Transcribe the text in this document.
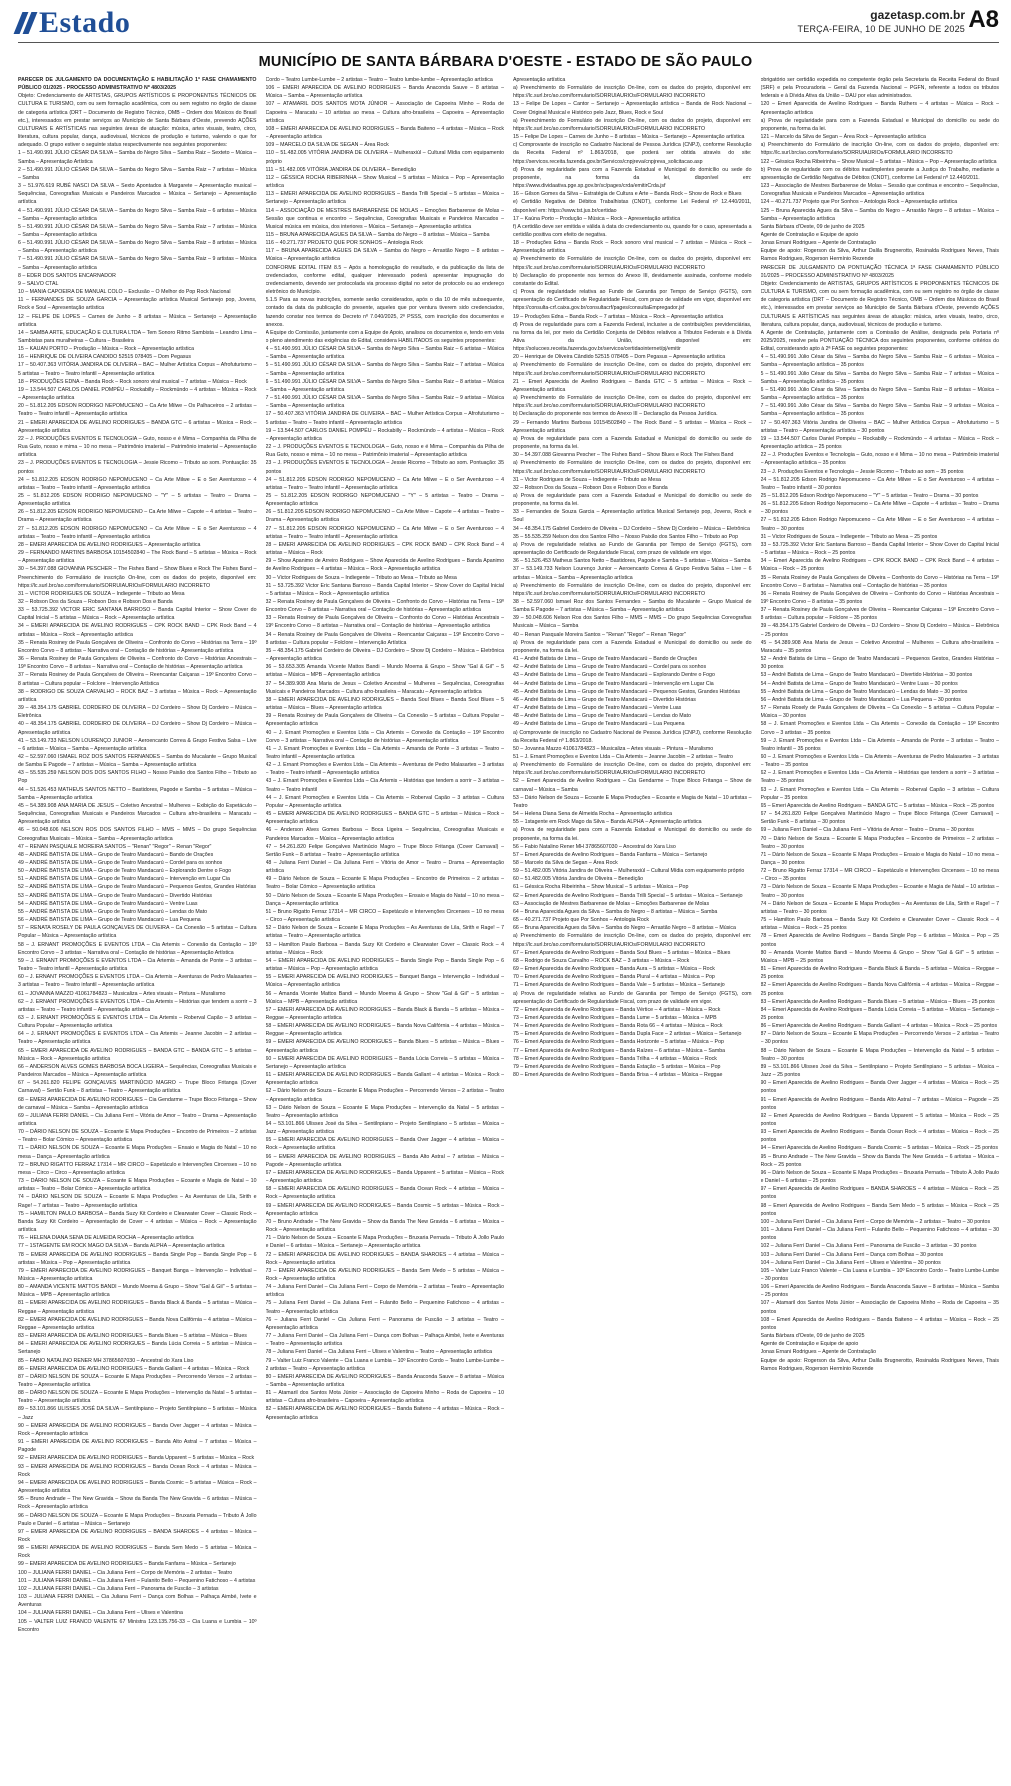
Estado	gazetasp.com.br
TERÇA-FEIRA, 10 DE JUNHO DE 2025 A8
MUNICÍPIO DE SANTA BÁRBARA D'OESTE - ESTADO DE SÃO PAULO

PARECER DE JULGAMENTO DA DOCUMENTAÇÃO E HABILITAÇÃO 1ª FASE CHAMAMENTO PÚBLICO 01/2025 - PROCESSO ADMINISTRATIVO Nº 4803/2025

Objeto: Credenciamento de ARTISTAS, GRUPOS ARTÍSTICOS E PROPONENTES TÉCNICOS DE CULTURA E TURISMO, com ou sem formação acadêmica, com ou sem registro no órgão de classe de categoria artística (DRT – Documento de Registro Técnico, OMB – Ordem dos Músicos do Brasil etc.), interessados em prestar serviços ao Município de Santa Bárbara d'Oeste, prevendo AÇÕES CULTURAIS E ARTÍSTICAS nas seguintes áreas de atuação: música, artes visuais, teatro, circo, literatura, cultura popular, dança, audiovisual, técnicos de produção e turismo, valendo o que for adequado. O grupo estiver o seguinte status respectivamente nos seguintes proponentes:

1 – 51.490.991 JÚLIO CÉSAR DA SILVA – Samba do Negro Silva – Samba Raiz – Sexteto – Música – Samba – Apresentação Artística

2 – 51.490.991 JÚLIO CÉSAR DA SILVA – Samba do Negro Silva – Samba Raiz – 7 artistas – Música – Samba

3 – 51.976.619 RUBÉ NASCI DA SILVA – Sexto Apontados à Margarete – Apresentação musical – Sequências, Coreografias Musicais e Pandeiros Marcados – Música – Sertanejo – Apresentação artística

4 – 51.490.991 JÚLIO CÉSAR DA SILVA – Samba do Negro Silva – Samba Raiz – 6 artistas – Música – Samba – Apresentação artística

5 – 51.490.991 JÚLIO CÉSAR DA SILVA – Samba do Negro Silva – Samba Raiz – 7 artistas – Música – Samba – Apresentação artística

6 – 51.490.991 JÚLIO CÉSAR DA SILVA – Samba do Negro Silva – Samba Raiz – 8 artistas – Música – Samba – Apresentação artística

7 – 51.490.991 JÚLIO CÉSAR DA SILVA – Samba do Negro Silva – Samba Raiz – 9 artistas – Música – Samba – Apresentação artística

8 – EDER DOS SANTOS ENCARNADOR

9 – SALVO CTAL

10 – MANIA CAPOEIRA DE MANUAL COLO – Exclusão – O Melhor do Pop Rock Nacional

11 – FERNANDES DE SOUZA GARCIA – Apresentação artística Musical Sertanejo pop, Jovens, Rock e Soul – Apresentação artística

12 – FELIPE DE LOPES – Carnes de Junho – 8 artistas – Música – Sertanejo – Apresentação artística

14 – SAMBA ARTE, EDUCAÇÃO E CULTURA LTDA – Tem Sonoro Ritmo Sambista – Leandro Lima – Sambistas para muralheiras – Cultura – Brasileira

15 – KAUAN PORTO – Produção – Música – Rock – Apresentação artística

16 – HENRIQUE DE OLIVEIRA CANDIDO 52515 078405 – Dom Pegasus

17 – 50.407.363 VITÓRIA JANDIRA DE OLIVEIRA – BAC – Mulher Artística Corpus – Afrofuturismo – 5 artistas – Teatro – Teatro infantil – Apresentação artística

18 – PRODUÇÕES EDNA – Banda Rock – Rock sonoro viral musical – 7 artistas – Música – Rock

19 – 13.544.507 CARLOS DANIEL POMPÉU – Rockabilly – Rockmündo – 4 artistas – Música – Rock – Apresentação artística

20 – 51.812.205 EDSON RODRIGO NEPOMUCENO – Ca Arte Milwe – Os Palhaceiros – 2 artistas – Teatro – Teatro infantil – Apresentação artística

21 – EMERI APARECIDA DE AVELINO RODRIGUES – BANDA GTC – 6 artistas – Música – Rock – Apresentação artística

22 – J. PRODUÇÕES EVENTOS E TECNOLOGIA – Guto, nosso e é Mima – Companhia da Pilha de Rua Guto, nosso e mima – 10 no mesa – Patrimônio imaterial – Patrimônio imaterial – Apresentação artística

23 – J. PRODUÇÕES EVENTOS E TECNOLOGIA – Jessie Ricomo – Tributo ao som. Pontuação: 35 pontos

24 – 51.812.205 EDSON RODRIGO NEPOMUCENO – Ca Arte Milwe – E o Ser Aventuroso – 4 artistas – Teatro – Teatro infantil – Apresentação artística

25 – 51.812.205 EDSON RODRIGO NEPOMUCENO – "Y" – 5 artistas – Teatro – Drama – Apresentação artística

26 – 51.812.205 EDSON RODRIGO NEPOMUCENO – Ca Arte Milwe – Capote – 4 artistas – Teatro – Drama – Apresentação artística

27 – 51.812.205 EDSON RODRIGO NEPOMUCENO – Ca Arte Milwe – E o Ser Aventuroso – 4 artistas – Teatro – Teatro infantil – Apresentação artística

28 – EMERI APARECIDA DE AVELINO RODRIGUES – Apresentação artística

29 – FERNANDO MARTINS BARBOSA 10154502840 – The Rock Band – 5 artistas – Música – Rock – Apresentação artística

30 – 54.397.088 GIOVANNA PESCHER – The Fishes Band – Show Blues e Rock The Fishes Band – Preenchimento do Formulário de inscrição On-line, com os dados do projeto, disponível em: https://lc.surl.brc/ao.com/formulario/SORRUIAURIOs/FORMULARIO INCORRETO

31 – VICTOR RODRIGUES DE SOUZA – Indiegente – Tributo ao Mesa

32 – Robson Dos da Souza – Robson Dos e Robson Dos e Banda

33 – 53.725.392 VICTOR ERIC SANTANA BARROSO – Banda Capital Interior – Show Cover do Capital Inicial – 5 artistas – Música – Rock – Apresentação artística

34 – EMERI APARECIDA DE AVELINO RODRIGUES – CPK ROCK BAND – CPK Rock Band – 4 artistas – Música – Rock – Apresentação artística

35 – Renata Rosiney de Paula Gonçalves de Oliveira – Confronto do Corvo – Histórias na Terra – 19º Encontro Corvo – 8 artistas – Narrativa oral – Contação de histórias – Apresentação artística

36 – Renata Rosiney de Paula Gonçalves de Oliveira – Confronto do Corvo – Histórias Ancestrais – 19º Encontro Corvo – 8 artistas – Narrativa oral – Contação de histórias – Apresentação artística

37 – Renata Rosiney de Paula Gonçalves de Oliveira – Reencantar Caiçaras – 19º Encontro Corvo – 8 artistas – Cultura popular – Folclore – Intervenção Artística

38 – RODRIGO DE SOUZA CARVALHO – ROCK BAZ – 3 artistas – Música – Rock – Apresentação artística

39 – 48.354.175 GABRIEL CORDEIRO DE OLIVEIRA – DJ Cordeiro – Show Dj Cordeiro – Música – Eletrônica

40 – 48.354.175 GABRIEL CORDEIRO DE OLIVEIRA – DJ Cordeiro – Show Dj Cordeiro – Música – Apresentação artística

41 – 53.149.733 NELSON LOURENÇO JUNIOR – Aeroencanto Correa & Grupo Festiva Salsa – Live – 6 artistas – Música – Samba – Apresentação artística

42 – 52.597.060 ISMAEL ROZ DOS SANTOS FERNANDES – Samba do Mucalante – Grupo Musical de Samba E Pagode – 7 artistas – Música – Samba – Apresentação artística

43 – 55.535.259 NELSON DOS DOS SANTOS FILHO – Nosso Paixão dos Santos Filho – Tributo ao Pop

44 – 51.526.453 MATHEUS SANTOS NETTO – Bastidores, Pagode e Samba – 5 artistas – Música – Samba – Apresentação artística

45 – 54.389.908 ANA MARIA DE JESUS – Coletivo Ancestral – Mulheres – Exibição do Espetáculo – Sequências, Coreografias Musicais e Pandeiros Marcados – Cultura afro-brasileira – Maracatu – Apresentação artística

46 – 50.048.606 NELSON ROS DOS SANTOS FILHO – MMS – MMS – Do grupo Sequências Coreografias Musicais – Música – Samba – Apresentação artística

47 – RENAN PASQUALE MOREIRA SANTOS – "Renan" "Regor" – Renan "Regor"

48 – ANDRÉ BATISTA DE LIMA – Grupo de Teatro Mandacarú – Bando de Orações

49 – ANDRÉ BATISTA DE LIMA – Grupo de Teatro Mandacarú – Cordel para os sonhos

50 – ANDRÉ BATISTA DE LIMA – Grupo de Teatro Mandacarú – Explorando Dentre o Fogo

51 – ANDRÉ BATISTA DE LIMA – Grupo de Teatro Mandacarú – Intervenção em Lugar Cia

52 – ANDRÉ BATISTA DE LIMA – Grupo de Teatro Mandacarú – Pequenos Gestos, Grandes Histórias

53 – ANDRÉ BATISTA DE LIMA – Grupo de Teatro Mandacarú – Divertido Histórias

54 – ANDRÉ BATISTA DE LIMA – Grupo de Teatro Mandacarú – Ventre Luas

55 – ANDRÉ BATISTA DE LIMA – Grupo de Teatro Mandacarú – Lendas do Mato

56 – ANDRÉ BATISTA DE LIMA – Grupo de Teatro Mandacarú – Lua Pequena

57 – RENATA ROSELY DE PAULA GONÇALVES DE OLIVEIRA – Ca Conexão – 5 artistas – Cultura Popular – Música – Apresentação artística

58 – J. ERNANT PROMOÇÕES E EVENTOS LTDA – Cia Artemis – Conexão da Contação – 19º Encontro Corvo – 3 artistas – Narrativa oral – Contação de histórias – Apresentação Artística

59 – J. ERNANT PROMOÇÕES E EVENTOS LTDA – Cia Artemis – Amanda de Ponte – 3 artistas – Teatro – Teatro infantil – Apresentação artística

60 – J. ERNANT PROMOÇÕES E EVENTOS LTDA – Cia Artemis – Aventuras de Pedro Malasartes – 3 artistas – Teatro – Teatro infantil – Apresentação artística

61 – JOVANNA MAZZO 41061784823 – Musicaliza – Artes visuais – Pintura – Muralismo

62 – J. ERNANT PROMOÇÕES E EVENTOS LTDA – Cia Artemis – Histórias que tendem a sorrir – 3 artistas – Teatro – Teatro infantil – Apresentação artística

63 – J. ERNANT PROMOÇÕES E EVENTOS LTDA – Cia Artemis – Roberval Capão – 3 artistas – Cultura Popular – Apresentação artística

64 – J. ERNANT PROMOÇÕES E EVENTOS LTDA – Cia Artemis – Jeanne Jacobin – 2 artistas – Teatro – Apresentação artística

65 – EMERI APARECIDA DE AVELINO RODRIGUES – BANDA GTC – BANDA GTC – 5 artistas – Música – Rock – Apresentação artística

66 – ANDERSON ALVES GOMES BARBOSA BOCA LIGEIRA – Sequências, Coreografias Musicais e Pandeiros Marcados – Música – Apresentação artística

67 – 54.261.820 FELIPE GONÇALVES MARTINÚCIO MAGRO – Trupe Bloco Fritanga (Cover Carnaval) – Sertão Funk – 8 artistas – Teatro – Apresentação artística

68 – EMERI APARECIDA DE AVELINO RODRIGUES – Cia Gendarme – Trupe Bloco Fritanga – Show de carnaval – Música – Samba – Apresentação artística

69 – JULIANA FERRI DANIEL – Cia Juliana Ferri – Vitória de Amor – Teatro – Drama – Apresentação artística

70 – DÁRIO NELSON DE SOUZA – Ecoante E Mapa Produções – Encontro de Primeiros – 2 artistas – Teatro – Bolar Cómico – Apresentação artística

71 – DÁRIO NELSON DE SOUZA – Ecoante E Mapa Produções – Ensaio e Magia do Natal – 10 no mesa – Dança – Apresentação artística

72 – BRUNO RIGATTO FERRAZ 17314 – MR CIRCO – Espetáculo e Intervenções Circenses – 10 no mesa – Circo – Circo – Apresentação artística

73 – DÁRIO NELSON DE SOUZA – Ecoante E Mapa Produções – Ecoante e Magia de Natal – 10 artistas – Teatro – Bolar Cómico – Apresentação artística

74 – DÁRIO NELSON DE SOUZA – Ecoante E Mapa Produções – As Aventuras de Lila, Sirith e Rage! – 7 artistas – Teatro – Apresentação artística

75 – HAMILTON PAULO BARBOSA – Banda Suzy Kit Cordeiro e Clearwater Cover – Classic Rock – Banda Suzy Kit Cordeiro – Apresentação de Cover – 4 artistas – Música – Rock – Apresentação artística

76 – HELENA DIANA SENA DE ALMEIDA ROCHA – Apresentação artística

77 – 1STAGENTE EM ROCK MAGO DA SILVA – Banda ALPHA – Apresentação artística

78 – EMERI APARECIDA DE AVELINO RODRIGUES – Banda Single Pop – Banda Single Pop – 6 artistas – Música – Pop – Apresentação artística

79 – EMERI APARECIDA DE AVELINO RODRIGUES – Banquet Banga – Intervenção – Individual – Música – Apresentação artística

80 – AMANDA VICENTE MATTOS BANDI – Mundo Moema & Grupo – Show "Gal & Gil" – 5 artistas – Música – MPB – Apresentação artística

81 – EMERI APARECIDA DE AVELINO RODRIGUES – Banda Black & Banda – 5 artistas – Música – Reggae – Apresentação artística

82 – EMERI APARECIDA DE AVELINO RODRIGUES – Banda Nova Califórnia – 4 artistas – Música – Reggae – Apresentação artística

83 – EMERI APARECIDA DE AVELINO RODRIGUES – Banda Blues – 5 artistas – Música – Blues

84 – EMERI APARECIDA DE AVELINO RODRIGUES – Banda Lúcia Correia – 5 artistas – Música – Sertanejo

85 – FABIO NATALINO RENER MH 37865607030 – Ancestral do Xara Liso

86 – EMERI APARECIDA DE AVELINO RODRIGUES – Banda Gallant – 4 artistas – Música – Rock

87 – DÁRIO NELSON DE SOUZA – Ecoante E Mapa Produções – Percorrendo Versos – 2 artistas – Teatro – Apresentação artística

88 – DÁRIO NELSON DE SOUZA – Ecoante E Mapa Produções – Intervenção da Natal – 5 artistas – Teatro – Apresentação artística

89 – 53.101.866 ULISSES JOSÉ DA SILVA – Sentilnpiano – Projeto Sentilnpiano – 5 artistas – Música – Jazz

90 – EMERI APARECIDA DE AVELINO RODRIGUES – Banda Over Jagger – 4 artistas – Música – Rock – Apresentação artística

91 – EMERI APARECIDA DE AVELINO RODRIGUES – Banda Alto Astral – 7 artistas – Música – Pagode

92 – EMERI APARECIDA DE AVELINO RODRIGUES – Banda Upparent – 5 artistas – Música – Rock

93 – EMERI APARECIDA DE AVELINO RODRIGUES – Banda Ocean Rock – 4 artistas – Música – Rock

94 – EMERI APARECIDA DE AVELINO RODRIGUES – Banda Cosmic – 5 artistas – Música – Rock – Apresentação artística

95 – Bruno Andrade – The New Gravida – Show da Banda The New Gravida – 6 artistas – Música – Rock – Apresentação artística

96 – DÁRIO NELSON DE SOUZA – Ecoante E Mapa Produções – Bruxaria Pernada – Tributo À Jollo Paulo e Daniel – 6 artistas – Música – Sertanejo

97 – EMERI APARECIDA DE AVELINO RODRIGUES – BANDA SHAROES – 4 artistas – Música – Rock

98 – EMERI APARECIDA DE AVELINO RODRIGUES – Banda Sem Medo – 5 artistas – Música – Rock

99 – EMERI APARECIDA DE AVELINO RODRIGUES – Banda Fanfarra – Música – Sertanejo

100 – JULIANA FERRI DANIEL – Cia Juliana Ferri – Corpo de Memória – 2 artistas – Teatro

101 – JULIANA FERRI DANIEL – Cia Juliana Ferri – Fulanito Bello – Pequenino Fatichoso – 4 artistas

102 – JULIANA FERRI DANIEL – Cia Juliana Ferri – Panorama de Fuscão – 3 artistas

103 – JULIANA FERRI DANIEL – Cia Juliana Ferri – Dança com Bolhas – Palhaça Aimbé, Ivete e Aventuras

104 – JULIANA FERRI DANIEL – Cia Juliana Ferri – Ulises e Valentina

105 – VALTER LUIZ FRANCO VALENTE 67 Ministra 123.135.756-33 – Cia Luana e Lumbia – 10º Encontro

Cordo – Teatro Lumbe-Lumbe – 2 artistas – Teatro – Teatro lumbe-lumbe – Apresentação artística

106 – EMERI APARECIDA DE AVELINO RODRIGUES – Banda Anaconda Sauve – 8 artistas – Música – Samba – Apresentação artística

107 – ATAMARIL DOS SANTOS MOTA JÚNIOR – Associação de Capoeira Minho – Roda de Capoeira – Maracatu – 10 artistas ao mesa – Cultura afro-brasileira – Capoeira – Apresentação artística

108 – EMERI APARECIDA DE AVELINO RODRIGUES – Banda Baiteno – 4 artistas – Música – Rock – Apresentação artística

109 – MARCELO DA SILVA DE SEGAN – Área Rock

110 – 51.482.005 VITÓRIA JANDIRA DE OLIVEIRA – Mulheraxiúl – Cultural Mídia com equipamento próprio

111 – 51.482.005 VITÓRIA JANDIRA DE OLIVEIRA – Benedição

112 – GÉSSICA ROCHA RIBEIRINHA – Show Musical – 5 artistas – Música – Pop – Apresentação artística

113 – EMERI APARECIDA DE AVELINO RODRIGUES – Banda Trilli Special – 5 artistas – Música – Sertanejo – Apresentação artística

114 – ASSOCIAÇÃO DE MESTRES BARBARENSE DE MOLAS – Emoções Barbarense de Molas – Sessão que continua e encontro – Sequências, Coreografias Musicais e Pandeiros Marcados – Musical música em música, dos interiores – Música – Sertanejo – Apresentação artística

115 – BRUNA APARECIDA AGUES DA SILVA – Samba do Negro – 8 artistas – Música – Samba

116 – 40.271.737 PROJETO QUE POR SONHOS – Antologia Rock

117 – BRUNA APARECIDA AGUES DA SILVA – Samba do Negro – Arrastão Negro – 8 artistas – Música – Apresentação artística

CONFORME EDITAL ITEM 8.5 – Após a homologação do resultado, e da publicação da lista de credenciados, conforme edital, qualquer interessado poderá apresentar impugnação do credenciamento, devendo ser protocolada via processo digital no setor de protocolo ou ao endereço eletrônico do Município.

5.1.5 Para as novas inscrições, somente serão considerados, após o dia 10 de mês subsequente, contado da data da publicação do presente, aqueles que por ventura tiverem sido credenciados, fazendo constar nos termos do Decreto nº 7.040/2025, 2º PSSS, com inscrição dos documentos e anexos.

A Equipe do Comissão, juntamente com a Equipe de Apoio, analisou os documentos e, tendo em vista o pleno atendimento das exigências do Edital, considera HABILITADOS os seguintes proponentes:

4 – 51.490.991 JÚLIO CÉSAR DA SILVA – Samba do Negro Silva – Samba Raiz – 6 artistas – Música – Samba – Apresentação artística

5 – 51.490.991 JÚLIO CÉSAR DA SILVA – Samba do Negro Silva – Samba Raiz – 7 artistas – Música – Samba – Apresentação artística

6 – 51.490.991 JÚLIO CÉSAR DA SILVA – Samba do Negro Silva – Samba Raiz – 8 artistas – Música – Samba – Apresentação artística

7 – 51.490.991 JÚLIO CÉSAR DA SILVA – Samba do Negro Silva – Samba Raiz – 9 artistas – Música – Samba – Apresentação artística

17 – 50.407.363 VITÓRIA JANDIRA DE OLIVEIRA – BAC – Mulher Artística Corpus – Afrofuturismo – 5 artistas – Teatro – Teatro infantil – Apresentação artística

19 – 13.544.507 CARLOS DANIEL POMPÉU – Rockabilly – Rockmündo – 4 artistas – Música – Rock – Apresentação artística

22 – J. PRODUÇÕES EVENTOS E TECNOLOGIA – Guto, nosso e é Mima – Companhia da Pilha de Rua Guto, nosso e mima – 10 no mesa – Patrimônio imaterial – Apresentação artística

23 – J. PRODUÇÕES EVENTOS E TECNOLOGIA – Jessie Ricomo – Tributo ao som. Pontuação: 35 pontos

24 – 51.812.205 EDSON RODRIGO NEPOMUCENO – Ca Arte Milwe – E o Ser Aventuroso – 4 artistas – Teatro – Teatro infantil – Apresentação artística

25 – 51.812.205 EDSON RODRIGO NEPOMUCENO – "Y" – 5 artistas – Teatro – Drama – Apresentação artística

26 – 51.812.205 EDSON RODRIGO NEPOMUCENO – Ca Arte Milwe – Capote – 4 artistas – Teatro – Drama – Apresentação artística

27 – 51.812.205 EDSON RODRIGO NEPOMUCENO – Ca Arte Milwe – E o Ser Aventuroso – 4 artistas – Teatro – Teatro infantil – Apresentação artística

28 – EMERI APARECIDA DE AVELINO RODRIGUES – CPK ROCK BAND – CPK Rock Band – 4 artistas – Música – Rock

29 – Show Apanimo de Arreiro Rodrigues – Show Aparecida de Avelino Rodrigues – Banda Apanimo de Avelino Rodrigues – 4 artistas – Música – Rock – Apresentação artística

30 – Victor Rodrigues de Souza – Indiegente – Tributo ao Mesa – Tributo ao Mesa

31 – 53.725.392 Victor Eric Santana Barroso – Banda Capital Interior – Show Cover do Capital Inicial – 5 artistas – Música – Rock – Apresentação artística

32 – Renata Rosiney de Paula Gonçalves de Oliveira – Confronto do Corvo – Histórias na Terra – 19º Encontro Corvo – 8 artistas – Narrativa oral – Contação de histórias – Apresentação artística

33 – Renata Rosiney de Paula Gonçalves de Oliveira – Confronto do Corvo – Histórias Ancestrais – 19º Encontro Corvo – 8 artistas – Narrativa oral – Contação de histórias – Apresentação artística

34 – Renata Rosiney de Paula Gonçalves de Oliveira – Reencantar Caiçaras – 19º Encontro Corvo – 8 artistas – Cultura popular – Folclore – Intervenção Artística

35 – 48.354.175 Gabriel Cordeiro de Oliveira – DJ Cordeiro – Show Dj Cordeiro – Música – Eletrônica – Apresentação artística

36 – 53.653.305 Amanda Vicente Mattos Bandi – Mundo Moema & Grupo – Show "Gal & Gil" – 5 artistas – Música – MPB – Apresentação artística

37 – 54.389.908 Ana Maria de Jesus – Coletivo Ancestral – Mulheres – Sequências, Coreografias Musicais e Pandeiros Marcados – Cultura afro-brasileira – Maracatu – Apresentação artística

38 – EMERI APARECIDA DE AVELINO RODRIGUES – Banda Soul Blues – Banda Soul Blues – 5 artistas – Música – Blues – Apresentação artística

39 – Renata Rosiney de Paula Gonçalves de Oliveira – Ca Conexão – 5 artistas – Cultura Popular – Apresentação artística

40 – J. Ernant Promoções e Eventos Ltda – Cia Artemis – Conexão da Contação – 19º Encontro Corvo – 3 artistas – Narrativa oral – Contação de histórias – Apresentação artística

41 – J. Ernant Promoções e Eventos Ltda – Cia Artemis – Amanda de Ponte – 3 artistas – Teatro – Teatro infantil – Apresentação artística

42 – J. Ernant Promoções e Eventos Ltda – Cia Artemis – Aventuras de Pedro Malasartes – 3 artistas – Teatro – Teatro infantil – Apresentação artística

43 – J. Ernant Promoções e Eventos Ltda – Cia Artemis – Histórias que tendem a sorrir – 3 artistas – Teatro – Teatro infantil

44 – J. Ernant Promoções e Eventos Ltda – Cia Artemis – Roberval Capão – 3 artistas – Cultura Popular – Apresentação artística

45 – EMERI APARECIDA DE AVELINO RODRIGUES – BANDA GTC – 5 artistas – Música – Rock – Apresentação artística

46 – Anderson Alves Gomes Barbosa – Boca Ligeira – Sequências, Coreografias Musicais e Pandeiros Marcados – Música – Apresentação artística

47 – 54.261.820 Felipe Gonçalves Martinúcio Magro – Trupe Bloco Fritanga (Cover Carnaval) – Sertão Funk – 8 artistas – Teatro – Apresentação artística

48 – Juliana Ferri Daniel – Cia Juliana Ferri – Vitória de Amor – Teatro – Drama – Apresentação artística

49 – Dário Nelson de Souza – Ecoante E Mapa Produções – Encontro de Primeiros – 2 artistas – Teatro – Bolar Cómico – Apresentação artística

50 – Dário Nelson de Souza – Ecoante E Mapa Produções – Ensaio e Magia do Natal – 10 no mesa – Dança – Apresentação artística

51 – Bruno Rigatto Ferraz 17314 – MR CIRCO – Espetáculo e Intervenções Circenses – 10 no mesa – Circo – Apresentação artística

52 – Dário Nelson de Souza – Ecoante E Mapa Produções – As Aventuras de Lila, Sirith e Rage! – 7 artistas – Teatro – Apresentação artística

53 – Hamilton Paulo Barbosa – Banda Suzy Kit Cordeiro e Clearwater Cover – Classic Rock – 4 artistas – Música – Rock

54 – EMERI APARECIDA DE AVELINO RODRIGUES – Banda Single Pop – Banda Single Pop – 6 artistas – Música – Pop – Apresentação artística

55 – EMERI APARECIDA DE AVELINO RODRIGUES – Banquet Banga – Intervenção – Individual – Música – Apresentação artística

56 – Amanda Vicente Mattos Bandi – Mundo Moema & Grupo – Show "Gal & Gil" – 5 artistas – Música – MPB – Apresentação artística

57 – EMERI APARECIDA DE AVELINO RODRIGUES – Banda Black & Banda – 5 artistas – Música – Reggae – Apresentação artística

58 – EMERI APARECIDA DE AVELINO RODRIGUES – Banda Nova Califórnia – 4 artistas – Música – Reggae – Apresentação artística

59 – EMERI APARECIDA DE AVELINO RODRIGUES – Banda Blues – 5 artistas – Música – Blues – Apresentação artística

60 – EMERI APARECIDA DE AVELINO RODRIGUES – Banda Lúcia Correia – 5 artistas – Música – Sertanejo – Apresentação artística

61 – EMERI APARECIDA DE AVELINO RODRIGUES – Banda Gallant – 4 artistas – Música – Rock – Apresentação artística

62 – Dário Nelson de Souza – Ecoante E Mapa Produções – Percorrendo Versos – 2 artistas – Teatro – Apresentação artística

63 – Dário Nelson de Souza – Ecoante E Mapa Produções – Intervenção da Natal – 5 artistas – Teatro – Apresentação artística

64 – 53.101.866 Ulisses José da Silva – Sentilnpiano – Projeto Sentilnpiano – 5 artistas – Música – Jazz – Apresentação artística

65 – EMERI APARECIDA DE AVELINO RODRIGUES – Banda Over Jagger – 4 artistas – Música – Rock – Apresentação artística

66 – EMERI APARECIDA DE AVELINO RODRIGUES – Banda Alto Astral – 7 artistas – Música – Pagode – Apresentação artística

67 – EMERI APARECIDA DE AVELINO RODRIGUES – Banda Upparent – 5 artistas – Música – Rock – Apresentação artística

68 – EMERI APARECIDA DE AVELINO RODRIGUES – Banda Ocean Rock – 4 artistas – Música – Rock – Apresentação artística

69 – EMERI APARECIDA DE AVELINO RODRIGUES – Banda Cosmic – 5 artistas – Música – Rock – Apresentação artística

70 – Bruno Andrade – The New Gravida – Show da Banda The New Gravida – 6 artistas – Música – Rock – Apresentação artística

71 – Dário Nelson de Souza – Ecoante E Mapa Produções – Bruxaria Pernada – Tributo À Jollo Paulo e Daniel – 6 artistas – Música – Sertanejo – Apresentação artística

72 – EMERI APARECIDA DE AVELINO RODRIGUES – BANDA SHAROES – 4 artistas – Música – Rock – Apresentação artística

73 – EMERI APARECIDA DE AVELINO RODRIGUES – Banda Sem Medo – 5 artistas – Música – Rock – Apresentação artística

74 – Juliana Ferri Daniel – Cia Juliana Ferri – Corpo de Memória – 2 artistas – Teatro – Apresentação artística

75 – Juliana Ferri Daniel – Cia Juliana Ferri – Fulanito Bello – Pequenino Fatichoso – 4 artistas – Teatro – Apresentação artística

76 – Juliana Ferri Daniel – Cia Juliana Ferri – Panorama de Fuscão – 3 artistas – Teatro – Apresentação artística

77 – Juliana Ferri Daniel – Cia Juliana Ferri – Dança com Bolhas – Palhaça Aimbé, Ivete e Aventuras – Teatro – Apresentação artística

78 – Juliana Ferri Daniel – Cia Juliana Ferri – Ulises e Valentina – Teatro – Apresentação artística

79 – Valter Luiz Franco Valente – Cia Luana e Lumbia – 10º Encontro Cordo – Teatro Lumbe-Lumbe – 2 artistas – Teatro – Apresentação artística

80 – EMERI APARECIDA DE AVELINO RODRIGUES – Banda Anaconda Sauve – 8 artistas – Música – Samba – Apresentação artística

81 – Atamaril dos Santos Mota Júnior – Associação de Capoeira Minho – Roda de Capoeira – 10 artistas – Cultura afro-brasileira – Capoeira – Apresentação artística

82 – EMERI APARECIDA DE AVELINO RODRIGUES – Banda Baiteno – 4 artistas – Música – Rock – Apresentação artística

Apresentação artística

a) Preenchimento do Formulário de inscrição On-line, com os dados do projeto, disponível em: https://lc.surl.brc/ao.com/formulario/SORRUIAURIOs/FORMULARIO INCORRETO

13 – Felipe De Lopes – Cantor – Sertanejo – Apresentação artística – Banda de Rock Nacional – Cover Original Musical e Histórico pelo Jazz, Blues, Rock e Soul

a) Preenchimento do Formulário de inscrição On-line, com os dados do projeto, disponível em: https://lc.surl.brc/ao.com/formulario/SORRUIAURIOs/FORMULARIO INCORRETO

15 – Felipe De Lopes – Carnes de Junho – 8 artistas – Música – Sertanejo – Apresentação artística

c) Comprovante de inscrição no Cadastro Nacional de Pessoa Jurídica (CNPJ), conforme Resolução da Receita Federal nº 1.863/2018, que poderá ser obtida através do site: https://servicos.receita.fazenda.gov.br/Servicos/cnpjreva/cnpjreva_solicitacao.asp

d) Prova de regularidade para com a Fazenda Estadual e Municipal do domicílio ou sede do proponente, na forma da lei, disponível em: https://www.dividaativa.pge.sp.gov.br/sc/pages/crda/emitirCrda.jsf

16 – Gilson Gomes da Silva – Estratégia de Cultura e Arte – Banda Rock – Show de Rock e Blues

e) Certidão Negativa de Débitos Trabalhistas (CNDT), conforme Lei Federal nº 12.440/2011, disponível em: https://www.tst.jus.br/certidao

17 – Kaúna Porto – Produção – Música – Rock – Apresentação artística

f) A certidão deve ser emitida e válida à data do credenciamento ou, quando for o caso, apresentada a certidão positiva com efeito de negativa.

18 – Produções Edna – Banda Rock – Rock sonoro viral musical – 7 artistas – Música – Rock – Apresentação artística

a) Preenchimento do Formulário de inscrição On-line, com os dados do projeto, disponível em: https://lc.surl.brc/ao.com/formulario/SORRUIAURIOs/FORMULARIO INCORRETO

b) Declaração do proponente nos termos do Anexo III, devidamente assinada, conforme modelo constante do Edital.

c) Prova de regularidade relativa ao Fundo de Garantia por Tempo de Serviço (FGTS), com apresentação do Certificado de Regularidade Fiscal, com prazo de validade em vigor, disponível em: https://consulta-crf.caixa.gov.br/consultacrf/pages/consultaEmpregador.jsf

19 – Produções Edna – Banda Rock – 7 artistas – Música – Rock – Apresentação artística

d) Prova de regularidade para com a Fazenda Federal, inclusive a de contribuições previdenciárias, na forma da lei, por meio da Certidão Conjunta de Débitos relativos a Tributos Federais e à Dívida Ativa da União, disponível em: https://solucoes.receita.fazenda.gov.br/servicos/certidaointernet/pj/emitir

20 – Henrique de Oliveira Cândido 52515 078405 – Dom Pegasus – Apresentação artística

a) Preenchimento do Formulário de inscrição On-line, com os dados do projeto, disponível em: https://lc.surl.brc/ao.com/formulario/SORRUIAURIOs/FORMULARIO INCORRETO

21 – Emeri Aparecida de Avelino Rodrigues – Banda GTC – 5 artistas – Música – Rock – Apresentação artística

a) Preenchimento do Formulário de inscrição On-line, com os dados do projeto, disponível em: https://lc.surl.brc/ao.com/formulario/SORRUIAURIOs/FORMULARIO INCORRETO

b) Declaração do proponente nos termos do Anexo III – Declaração da Pessoa Jurídica.

29 – Fernando Martins Barbosa 10154502840 – The Rock Band – 5 artistas – Música – Rock – Apresentação artística

a) Prova de regularidade para com a Fazenda Estadual e Municipal do domicílio ou sede do proponente, na forma da lei.

30 – 54.397.088 Giovanna Pescher – The Fishes Band – Show Blues e Rock The Fishes Band

a) Preenchimento do Formulário de inscrição On-line, com os dados do projeto, disponível em: https://lc.surl.brc/ao.com/formulario/SORRUIAURIOs/FORMULARIO INCORRETO

31 – Victor Rodrigues de Souza – Indiegente – Tributo ao Mesa

32 – Robson Dos da Souza – Robson Dos e Robson Dos e Banda

a) Prova de regularidade para com a Fazenda Estadual e Municipal do domicílio ou sede do proponente, na forma da lei.

33 – Fernandes de Souza Garcia – Apresentação artística Musical Sertanejo pop, Jovens, Rock e Soul

34 – 48.354.175 Gabriel Cordeiro de Oliveira – DJ Cordeiro – Show Dj Cordeiro – Música – Eletrônica

35 – 55.535.259 Nelson dos dos Santos Filho – Nosso Paixão dos Santos Filho – Tributo ao Pop

a) Prova de regularidade relativa ao Fundo de Garantia por Tempo de Serviço (FGTS), com apresentação do Certificado de Regularidade Fiscal, com prazo de validade em vigor.

36 – 51.526.453 Matheus Santos Netto – Bastidores, Pagode e Samba – 5 artistas – Música – Samba

37 – 53.149.733 Nelson Lourenço Junior – Aeroencanto Correa & Grupo Festiva Salsa – Live – 6 artistas – Música – Samba – Apresentação artística

a) Preenchimento do Formulário de inscrição On-line, com os dados do projeto, disponível em: https://lc.surl.brc/ao.com/formulario/SORRUIAURIOs/FORMULARIO INCORRETO

38 – 52.597.060 Ismael Roz dos Santos Fernandes – Samba do Mucalante – Grupo Musical de Samba E Pagode – 7 artistas – Música – Samba – Apresentação artística

39 – 50.048.606 Nelson Ros dos Santos Filho – MMS – MMS – Do grupo Sequências Coreografias Musicais – Música – Samba

40 – Renan Pasquale Moreira Santos – "Renan" "Regor" – Renan "Regor"

a) Prova de regularidade para com a Fazenda Estadual e Municipal do domicílio ou sede do proponente, na forma da lei.

41 – André Batista de Lima – Grupo de Teatro Mandacarú – Bando de Orações

42 – André Batista de Lima – Grupo de Teatro Mandacarú – Cordel para os sonhos

43 – André Batista de Lima – Grupo de Teatro Mandacarú – Explorando Dentre o Fogo

44 – André Batista de Lima – Grupo de Teatro Mandacarú – Intervenção em Lugar Cia

45 – André Batista de Lima – Grupo de Teatro Mandacarú – Pequenos Gestos, Grandes Histórias

46 – André Batista de Lima – Grupo de Teatro Mandacarú – Divertido Histórias

47 – André Batista de Lima – Grupo de Teatro Mandacarú – Ventre Luas

48 – André Batista de Lima – Grupo de Teatro Mandacarú – Lendas do Mato

49 – André Batista de Lima – Grupo de Teatro Mandacarú – Lua Pequena

a) Comprovante de inscrição no Cadastro Nacional de Pessoa Jurídica (CNPJ), conforme Resolução da Receita Federal nº 1.863/2018.

50 – Jovanna Mazzo 41061784823 – Musicaliza – Artes visuais – Pintura – Muralismo

51 – J. Ernant Promoções e Eventos Ltda – Cia Artemis – Jeanne Jacobin – 2 artistas – Teatro

a) Preenchimento do Formulário de inscrição On-line, com os dados do projeto, disponível em: https://lc.surl.brc/ao.com/formulario/SORRUIAURIOs/FORMULARIO INCORRETO

52 – Emeri Aparecida de Avelino Rodrigues – Cia Gendarme – Trupe Bloco Fritanga – Show de carnaval – Música – Samba

53 – Dário Nelson de Souza – Ecoante E Mapa Produções – Ecoante e Magia de Natal – 10 artistas – Teatro

54 – Helena Diana Sena de Almeida Rocha – Apresentação artística

55 – 1stagente em Rock Mago da Silva – Banda ALPHA – Apresentação artística

a) Prova de regularidade para com a Fazenda Estadual e Municipal do domicílio ou sede do proponente, na forma da lei.

56 – Fabio Natalino Rener MH 37865607030 – Ancestral do Xara Liso

57 – Emeri Aparecida de Avelino Rodrigues – Banda Fanfarra – Música – Sertanejo

58 – Marcelo da Silva de Segan – Área Rock

59 – 51.482.005 Vitória Jandira de Oliveira – Mulheraxiúl – Cultural Mídia com equipamento próprio

60 – 51.482.005 Vitória Jandira de Oliveira – Benedição

61 – Géssica Rocha Ribeirinha – Show Musical – 5 artistas – Música – Pop

62 – Emeri Aparecida de Avelino Rodrigues – Banda Trilli Special – 5 artistas – Música – Sertanejo

63 – Associação de Mestres Barbarense de Molas – Emoções Barbarense de Molas

64 – Bruna Aparecida Agues da Silva – Samba do Negro – 8 artistas – Música – Samba

65 – 40.271.737 Projeto que Por Sonhos – Antologia Rock

66 – Bruna Aparecida Agues da Silva – Samba do Negro – Arrastão Negro – 8 artistas – Música

a) Preenchimento do Formulário de inscrição On-line, com os dados do projeto, disponível em: https://lc.surl.brc/ao.com/formulario/SORRUIAURIOs/FORMULARIO INCORRETO

67 – Emeri Aparecida de Avelino Rodrigues – Banda Soul Blues – 5 artistas – Música – Blues

68 – Rodrigo de Souza Carvalho – ROCK BAZ – 3 artistas – Música – Rock

69 – Emeri Aparecida de Avelino Rodrigues – Banda Aura – 5 artistas – Música – Rock

70 – Emeri Aparecida de Avelino Rodrigues – Banda Plural – 4 artistas – Música – Pop

71 – Emeri Aparecida de Avelino Rodrigues – Banda Vale – 5 artistas – Música – Sertanejo

a) Prova de regularidade relativa ao Fundo de Garantia por Tempo de Serviço (FGTS), com apresentação do Certificado de Regularidade Fiscal, com prazo de validade em vigor.

72 – Emeri Aparecida de Avelino Rodrigues – Banda Vértice – 4 artistas – Música – Rock

73 – Emeri Aparecida de Avelino Rodrigues – Banda Lume – 5 artistas – Música – MPB

74 – Emeri Aparecida de Avelino Rodrigues – Banda Rota 66 – 4 artistas – Música – Rock

75 – Emeri Aparecida de Avelino Rodrigues – Banda Dupla Face – 2 artistas – Música – Sertanejo

76 – Emeri Aparecida de Avelino Rodrigues – Banda Horizonte – 5 artistas – Música – Pop

77 – Emeri Aparecida de Avelino Rodrigues – Banda Raízes – 6 artistas – Música – Samba

78 – Emeri Aparecida de Avelino Rodrigues – Banda Trilha – 4 artistas – Música – Rock

79 – Emeri Aparecida de Avelino Rodrigues – Banda Estação – 5 artistas – Música – Pop

80 – Emeri Aparecida de Avelino Rodrigues – Banda Brisa – 4 artistas – Música – Reggae

obrigatório ser certidão expedida no competente órgão pela Secretaria da Receita Federal do Brasil (SRF) e pela Procuradoria – Geral da Fazenda Nacional – PGFN, referente a todos os tributos federais e à Dívida Ativa da União – DAU por elas administrados.

120 – Emeri Aparecida de Avelino Rodrigues – Banda Ruthers – 4 artistas – Música – Rock – Apresentação artística

a) Prova de regularidade para com a Fazenda Estadual e Municipal do domicílio ou sede do proponente, na forma da lei.

121 – Marcelo da Silva de Segan – Área Rock – Apresentação artística

a) Preenchimento do Formulário de inscrição On-line, com os dados do projeto, disponível em: https://lc.surl.brc/ao.com/formulario/SORRUIAURIOs/FORMULARIO INCORRETO

122 – Géssica Rocha Ribeirinha – Show Musical – 5 artistas – Música – Pop – Apresentação artística

b) Prova de regularidade com os débitos inadimplentes perante a Justiça do Trabalho, mediante a apresentação de Certidão Negativa de Débitos (CNDT), conforme Lei Federal nº 12.440/2011.

123 – Associação de Mestres Barbarense de Molas – Sessão que continua e encontro – Sequências, Coreografias Musicais e Pandeiros Marcados – Apresentação artística

124 – 40.271.737 Projeto que Por Sonhos – Antologia Rock – Apresentação artística

125 – Bruna Aparecida Agues da Silva – Samba do Negro – Arrastão Negro – 8 artistas – Música – Samba – Apresentação artística

Santa Bárbara d'Oeste, 09 de junho de 2025

Agente de Contratação e Equipe de apoio

Jonas Ernani Rodrigues – Agente de Contratação

Equipe de apoio: Rogerson da Silva, Arthur Dalila Brugnerotto, Rosinalda Rodrigues Neves, Thais Ramos Rodrigues, Rogerson Hermínio Rezende

PARECER DE JULGAMENTO DA PONTUAÇÃO TÉCNICA 1ª FASE CHAMAMENTO PÚBLICO 01/2025 – PROCESSO ADMINISTRATIVO Nº 4803/2025

Objeto: Credenciamento de ARTISTAS, GRUPOS ARTÍSTICOS E PROPONENTES TÉCNICOS DE CULTURA E TURISMO, com ou sem formação acadêmica, com ou sem registro no órgão de classe de categoria artística (DRT – Documento de Registro Técnico, OMB – Ordem dos Músicos do Brasil etc.), interessados em prestar serviços ao Município de Santa Bárbara d'Oeste, prevendo AÇÕES CULTURAIS E ARTÍSTICAS nas seguintes áreas de atuação: música, artes visuais, teatro, circo, literatura, cultura popular, dança, audiovisual, técnicos de produção e turismo.

A Agente de Contratação, juntamente com a Comissão de Análise, designada pela Portaria nº 2025/2025, resolve pela PONTUAÇÃO TÉCNICA dos seguintes proponentes, conforme critérios do Edital, considerando apto à 2ª FASE os seguintes proponentes:

4 – 51.490.991 Júlio César da Silva – Samba do Negro Silva – Samba Raiz – 6 artistas – Música – Samba – Apresentação artística – 35 pontos

5 – 51.490.991 Júlio César da Silva – Samba do Negro Silva – Samba Raiz – 7 artistas – Música – Samba – Apresentação artística – 35 pontos

6 – 51.490.991 Júlio César da Silva – Samba do Negro Silva – Samba Raiz – 8 artistas – Música – Samba – Apresentação artística – 35 pontos

7 – 51.490.991 Júlio César da Silva – Samba do Negro Silva – Samba Raiz – 9 artistas – Música – Samba – Apresentação artística – 35 pontos

17 – 50.407.363 Vitória Jandira de Oliveira – BAC – Mulher Artística Corpus – Afrofuturismo – 5 artistas – Teatro – Apresentação artística – 30 pontos

19 – 13.544.507 Carlos Daniel Pompéu – Rockabilly – Rockmündo – 4 artistas – Música – Rock – Apresentação artística – 25 pontos

22 – J. Produções Eventos e Tecnologia – Guto, nosso e é Mima – 10 no mesa – Patrimônio imaterial – Apresentação artística – 35 pontos

23 – J. Produções Eventos e Tecnologia – Jessie Ricomo – Tributo ao som – 35 pontos

24 – 51.812.205 Edson Rodrigo Nepomuceno – Ca Arte Milwe – E o Ser Aventuroso – 4 artistas – Teatro – Teatro infantil – 30 pontos

25 – 51.812.205 Edson Rodrigo Nepomuceno – "Y" – 5 artistas – Teatro – Drama – 30 pontos

26 – 51.812.205 Edson Rodrigo Nepomuceno – Ca Arte Milwe – Capote – 4 artistas – Teatro – Drama – 30 pontos

27 – 51.812.205 Edson Rodrigo Nepomuceno – Ca Arte Milwe – E o Ser Aventuroso – 4 artistas – Teatro – 30 pontos

31 – Victor Rodrigues de Souza – Indiegente – Tributo ao Mesa – 25 pontos

33 – 53.725.392 Victor Eric Santana Barroso – Banda Capital Interior – Show Cover do Capital Inicial – 5 artistas – Música – Rock – 25 pontos

34 – Emeri Aparecida de Avelino Rodrigues – CPK ROCK BAND – CPK Rock Band – 4 artistas – Música – Rock – 25 pontos

35 – Renata Rosiney de Paula Gonçalves de Oliveira – Confronto do Corvo – Histórias na Terra – 19º Encontro Corvo – 8 artistas – Narrativa oral – Contação de histórias – 35 pontos

36 – Renata Rosiney de Paula Gonçalves de Oliveira – Confronto do Corvo – Histórias Ancestrais – 19º Encontro Corvo – 8 artistas – 35 pontos

37 – Renata Rosiney de Paula Gonçalves de Oliveira – Reencantar Caiçaras – 19º Encontro Corvo – 8 artistas – Cultura popular – Folclore – 35 pontos

39 – 48.354.175 Gabriel Cordeiro de Oliveira – DJ Cordeiro – Show Dj Cordeiro – Música – Eletrônica – 25 pontos

45 – 54.389.908 Ana Maria de Jesus – Coletivo Ancestral – Mulheres – Cultura afro-brasileira – Maracatu – 35 pontos

52 – André Batista de Lima – Grupo de Teatro Mandacarú – Pequenos Gestos, Grandes Histórias – 30 pontos

53 – André Batista de Lima – Grupo de Teatro Mandacarú – Divertido Histórias – 30 pontos

54 – André Batista de Lima – Grupo de Teatro Mandacarú – Ventre Luas – 30 pontos

55 – André Batista de Lima – Grupo de Teatro Mandacarú – Lendas do Mato – 30 pontos

56 – André Batista de Lima – Grupo de Teatro Mandacarú – Lua Pequena – 30 pontos

57 – Renata Rosely de Paula Gonçalves de Oliveira – Ca Conexão – 5 artistas – Cultura Popular – Música – 30 pontos

58 – J. Ernant Promoções e Eventos Ltda – Cia Artemis – Conexão da Contação – 19º Encontro Corvo – 3 artistas – 35 pontos

59 – J. Ernant Promoções e Eventos Ltda – Cia Artemis – Amanda de Ponte – 3 artistas – Teatro – Teatro infantil – 35 pontos

60 – J. Ernant Promoções e Eventos Ltda – Cia Artemis – Aventuras de Pedro Malasartes – 3 artistas – Teatro – 35 pontos

62 – J. Ernant Promoções e Eventos Ltda – Cia Artemis – Histórias que tendem a sorrir – 3 artistas – Teatro – 35 pontos

63 – J. Ernant Promoções e Eventos Ltda – Cia Artemis – Roberval Capão – 3 artistas – Cultura Popular – 35 pontos

65 – Emeri Aparecida de Avelino Rodrigues – BANDA GTC – 5 artistas – Música – Rock – 25 pontos

67 – 54.261.820 Felipe Gonçalves Martinúcio Magro – Trupe Bloco Fritanga (Cover Carnaval) – Sertão Funk – 8 artistas – 30 pontos

69 – Juliana Ferri Daniel – Cia Juliana Ferri – Vitória de Amor – Teatro – Drama – 30 pontos

70 – Dário Nelson de Souza – Ecoante E Mapa Produções – Encontro de Primeiros – 2 artistas – Teatro – 30 pontos

71 – Dário Nelson de Souza – Ecoante E Mapa Produções – Ensaio e Magia do Natal – 10 no mesa – Dança – 30 pontos

72 – Bruno Rigatto Ferraz 17314 – MR CIRCO – Espetáculo e Intervenções Circenses – 10 no mesa – Circo – 35 pontos

73 – Dário Nelson de Souza – Ecoante E Mapa Produções – Ecoante e Magia de Natal – 10 artistas – Teatro – 30 pontos

74 – Dário Nelson de Souza – Ecoante E Mapa Produções – As Aventuras de Lila, Sirith e Rage! – 7 artistas – Teatro – 30 pontos

75 – Hamilton Paulo Barbosa – Banda Suzy Kit Cordeiro e Clearwater Cover – Classic Rock – 4 artistas – Música – Rock – 25 pontos

78 – Emeri Aparecida de Avelino Rodrigues – Banda Single Pop – 6 artistas – Música – Pop – 25 pontos

80 – Amanda Vicente Mattos Bandi – Mundo Moema & Grupo – Show "Gal & Gil" – 5 artistas – Música – MPB – 25 pontos

81 – Emeri Aparecida de Avelino Rodrigues – Banda Black & Banda – 5 artistas – Música – Reggae – 25 pontos

82 – Emeri Aparecida de Avelino Rodrigues – Banda Nova Califórnia – 4 artistas – Música – Reggae – 25 pontos

83 – Emeri Aparecida de Avelino Rodrigues – Banda Blues – 5 artistas – Música – Blues – 25 pontos

84 – Emeri Aparecida de Avelino Rodrigues – Banda Lúcia Correia – 5 artistas – Música – Sertanejo – 25 pontos

86 – Emeri Aparecida de Avelino Rodrigues – Banda Gallant – 4 artistas – Música – Rock – 25 pontos

87 – Dário Nelson de Souza – Ecoante E Mapa Produções – Percorrendo Versos – 2 artistas – Teatro – 30 pontos

88 – Dário Nelson de Souza – Ecoante E Mapa Produções – Intervenção da Natal – 5 artistas – Teatro – 30 pontos

89 – 53.101.866 Ulisses José da Silva – Sentilnpiano – Projeto Sentilnpiano – 5 artistas – Música – Jazz – 25 pontos

90 – Emeri Aparecida de Avelino Rodrigues – Banda Over Jagger – 4 artistas – Música – Rock – 25 pontos

91 – Emeri Aparecida de Avelino Rodrigues – Banda Alto Astral – 7 artistas – Música – Pagode – 25 pontos

92 – Emeri Aparecida de Avelino Rodrigues – Banda Upparent – 5 artistas – Música – Rock – 25 pontos

93 – Emeri Aparecida de Avelino Rodrigues – Banda Ocean Rock – 4 artistas – Música – Rock – 25 pontos

94 – Emeri Aparecida de Avelino Rodrigues – Banda Cosmic – 5 artistas – Música – Rock – 25 pontos

95 – Bruno Andrade – The New Gravida – Show da Banda The New Gravida – 6 artistas – Música – Rock – 25 pontos

96 – Dário Nelson de Souza – Ecoante E Mapa Produções – Bruxaria Pernada – Tributo À Jollo Paulo e Daniel – 6 artistas – 25 pontos

97 – Emeri Aparecida de Avelino Rodrigues – BANDA SHAROES – 4 artistas – Música – Rock – 25 pontos

98 – Emeri Aparecida de Avelino Rodrigues – Banda Sem Medo – 5 artistas – Música – Rock – 25 pontos

100 – Juliana Ferri Daniel – Cia Juliana Ferri – Corpo de Memória – 2 artistas – Teatro – 30 pontos

101 – Juliana Ferri Daniel – Cia Juliana Ferri – Fulanito Bello – Pequenino Fatichoso – 4 artistas – 30 pontos

102 – Juliana Ferri Daniel – Cia Juliana Ferri – Panorama de Fuscão – 3 artistas – 30 pontos

103 – Juliana Ferri Daniel – Cia Juliana Ferri – Dança com Bolhas – 30 pontos

104 – Juliana Ferri Daniel – Cia Juliana Ferri – Ulises e Valentina – 30 pontos

105 – Valter Luiz Franco Valente – Cia Luana e Lumbia – 10º Encontro Cordo – Teatro Lumbe-Lumbe – 30 pontos

106 – Emeri Aparecida de Avelino Rodrigues – Banda Anaconda Sauve – 8 artistas – Música – Samba – 25 pontos

107 – Atamaril dos Santos Mota Júnior – Associação de Capoeira Minho – Roda de Capoeira – 35 pontos

108 – Emeri Aparecida de Avelino Rodrigues – Banda Baiteno – 4 artistas – Música – Rock – 25 pontos

Santa Bárbara d'Oeste, 09 de junho de 2025

Agente de Contratação e Equipe de apoio

Jonas Ernani Rodrigues – Agente de Contratação

Equipe de apoio: Rogerson da Silva, Arthur Dalila Brugnerotto, Rosinalda Rodrigues Neves, Thais Ramos Rodrigues, Rogerson Hermínio Rezende
